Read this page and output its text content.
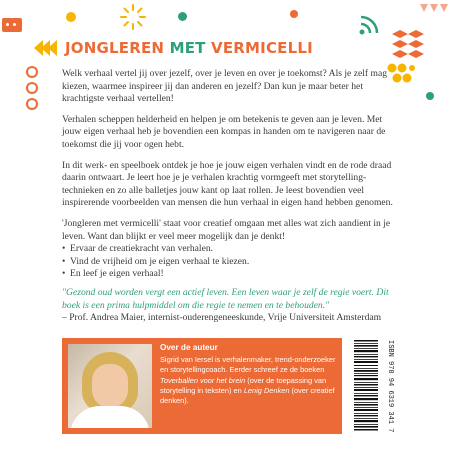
JONGLEREN MET VERMICELLI

Welk verhaal vertel jij over jezelf, over je leven en over je toekomst? Als je zelf mag kiezen, waarmee inspireer jij dan anderen en jezelf? Dan kun je maar beter het krachtigste verhaal vertellen!

Verhalen scheppen helderheid en helpen je om betekenis te geven aan je leven. Met jouw eigen verhaal heb je bovendien een kompas in handen om te navigeren naar de toekomst die jij voor ogen hebt.

In dit werk- en speelboek ontdek je hoe je jouw eigen verhalen vindt en de rode draad daarin ontwaart. Je leert hoe je je verhalen krachtig vormgeeft met storytelling-technieken en zo alle balletjes jouw kant op laat rollen. Je leest bovendien veel inspirerende voorbeelden van mensen die hun verhaal in eigen hand hebben genomen.

'Jongleren met vermicelli' staat voor creatief omgaan met alles wat zich aandient in je leven. Want dan blijkt er veel meer mogelijk dan je denkt!

• Ervaar de creatiekracht van verhalen.
• Vind de vrijheid om je eigen verhaal te kiezen.
• En leef je eigen verhaal!
"Gezond oud worden vergt een actief leven. Een leven waar je zelf de regie voert. Dit boek is een prima hulpmiddel om die regie te nemen en te behouden."
– Prof. Andrea Maier, internist-ouderengeneeskunde, Vrije Universiteit Amsterdam
Over de auteur
Sigrid van Iersel is verhalenmaker, trend-onderzoeker en storytellingcoach. Eerder schreef ze de boeken Toverballen voor het brein (over de toepassing van storytelling in teksten) en Lenig Denken (over creatief denken).	ISBN 978 94 6319 341 7
